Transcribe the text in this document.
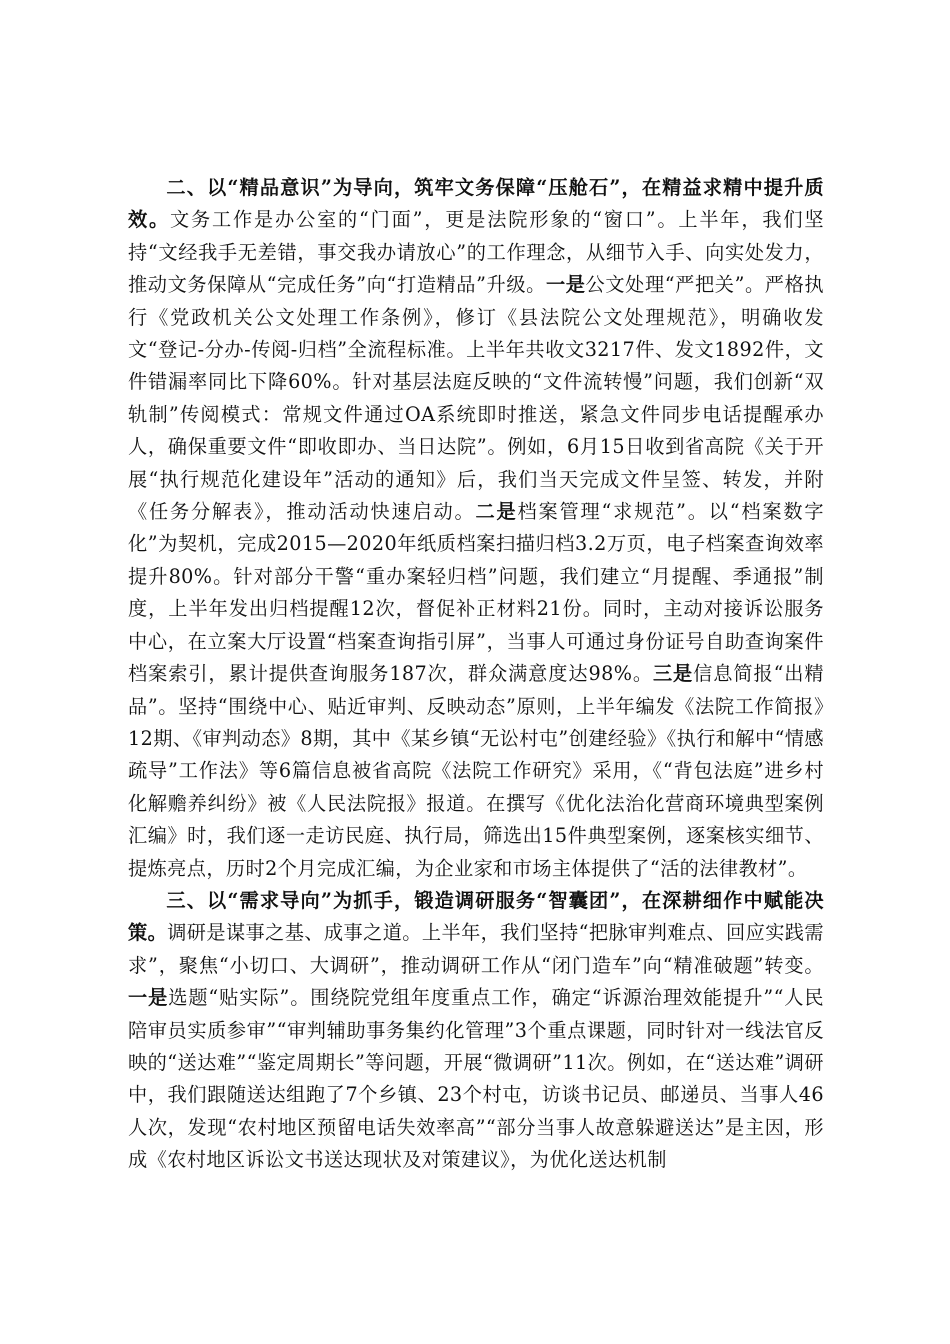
二、以“精品意识”为导向，筑牢文务保障“压舱石”，在精益求精中提升质效。文务工作是办公室的“门面”，更是法院形象的“窗口”。上半年，我们坚持“文经我手无差错，事交我办请放心”的工作理念，从细节入手、向实处发力，推动文务保障从“完成任务”向“打造精品”升级。一是公文处理“严把关”。严格执行《党政机关公文处理工作条例》，修订《县法院公文处理规范》，明确收发文“登记-分办-传阅-归档”全流程标准。上半年共收文3217件、发文1892件，文件错漏率同比下降60%。针对基层法庭反映的“文件流转慢”问题，我们创新“双轨制”传阅模式：常规文件通过OA系统即时推送，紧急文件同步电话提醒承办人，确保重要文件“即收即办、当日达院”。例如，6月15日收到省高院《关于开展“执行规范化建设年”活动的通知》后，我们当天完成文件呈签、转发，并附《任务分解表》，推动活动快速启动。二是档案管理“求规范”。以“档案数字化”为契机，完成2015—2020年纸质档案扫描归档3.2万页，电子档案查询效率提升80%。针对部分干警“重办案轻归档”问题，我们建立“月提醒、季通报”制度，上半年发出归档提醒12次，督促补正材料21份。同时，主动对接诉讼服务中心，在立案大厅设置“档案查询指引屏”，当事人可通过身份证号自助查询案件档案索引，累计提供查询服务187次，群众满意度达98%。三是信息简报“出精品”。坚持“围绕中心、贴近审判、反映动态”原则，上半年编发《法院工作简报》12期、《审判动态》8期，其中《某乡镇“无讼村屯”创建经验》《执行和解中“情感疏导”工作法》等6篇信息被省高院《法院工作研究》采用，《“背包法庭”进乡村化解赡养纠纷》被《人民法院报》报道。在撰写《优化法治化营商环境典型案例汇编》时，我们逐一走访民庭、执行局，筛选出15件典型案例，逐案核实细节、提炼亮点，历时2个月完成汇编，为企业家和市场主体提供了“活的法律教材”。

三、以“需求导向”为抓手，锻造调研服务“智囊团”，在深耕细作中赋能决策。调研是谋事之基、成事之道。上半年，我们坚持“把脉审判难点、回应实践需求”，聚焦“小切口、大调研”，推动调研工作从“闭门造车”向“精准破题”转变。一是选题“贴实际”。围绕院党组年度重点工作，确定“诉源治理效能提升”“人民陪审员实质参审”“审判辅助事务集约化管理”3个重点课题，同时针对一线法官反映的“送达难”“鉴定周期长”等问题，开展“微调研”11次。例如，在“送达难”调研中，我们跟随送达组跑了7个乡镇、23个村屯，访谈书记员、邮递员、当事人46人次，发现“农村地区预留电话失效率高”“部分当事人故意躲避送达”是主因，形成《农村地区诉讼文书送达现状及对策建议》，为优化送达机制
